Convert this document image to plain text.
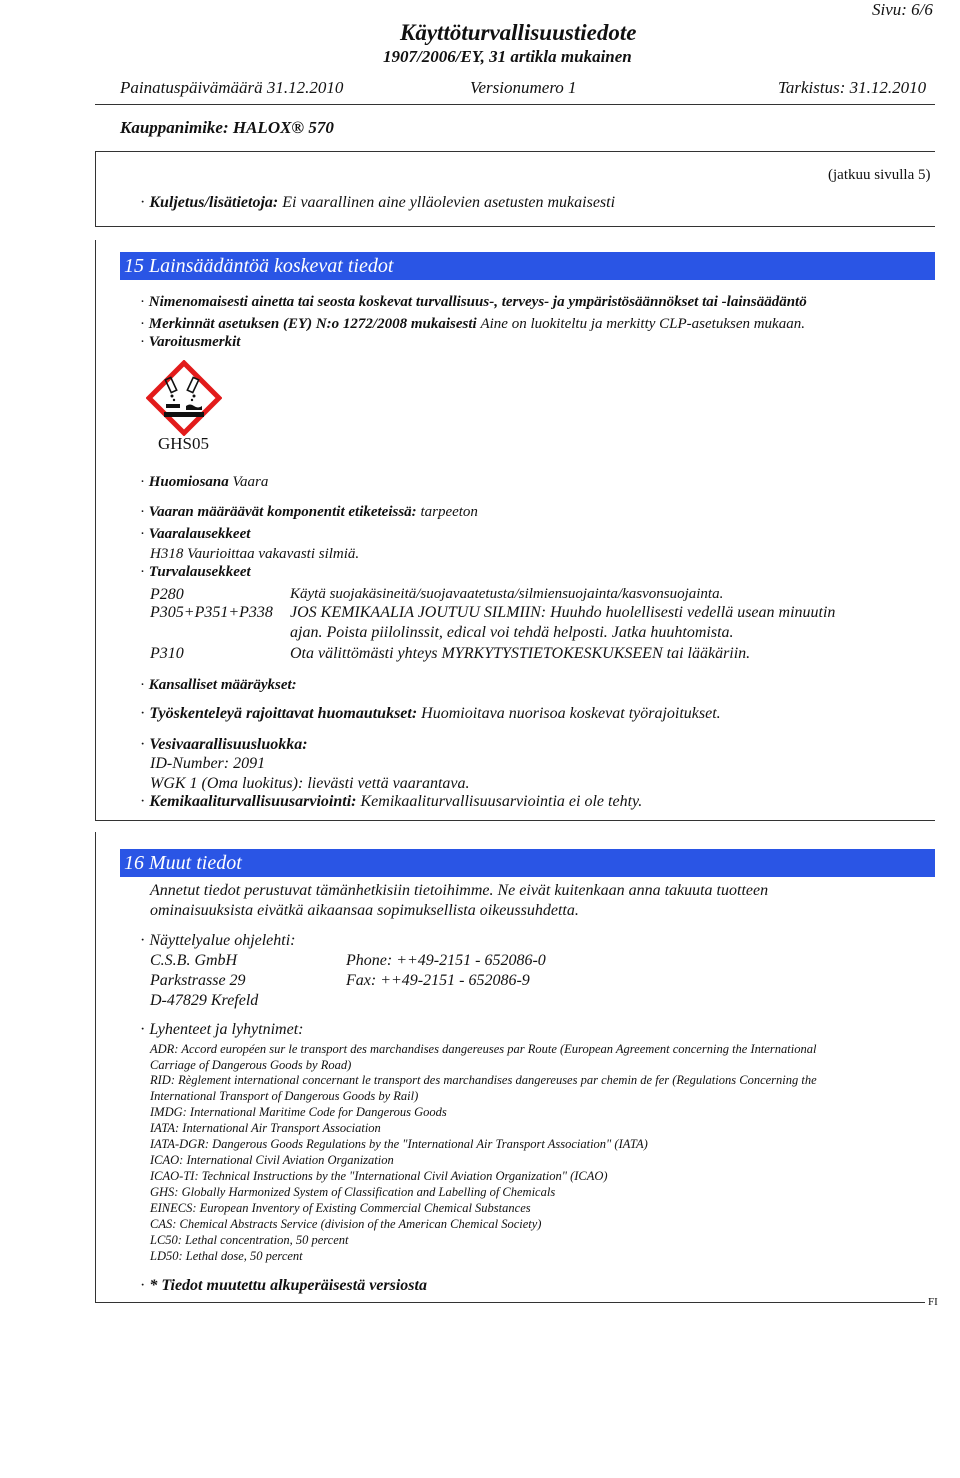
Käyttöturvallisuustiedote
Sivu: 6/6
1907/2006/EY, 31 artikla mukainen
Painatuspäivämäärä 31.12.2010	Versionumero 1	Tarkistus: 31.12.2010
Kauppanimike: HALOX® 570
(jatkuu sivulla 5)
· Kuljetus/lisätietoja: Ei vaarallinen aine ylläolevien asetusten mukaisesti
15 Lainsäädäntöä koskevat tiedot
· Nimenomaisesti ainetta tai seosta koskevat turvallisuus-, terveys- ja ympäristösäännökset tai -lainsäädäntö
· Merkinnät asetuksen (EY) N:o 1272/2008 mukaisesti Aine on luokiteltu ja merkitty CLP-asetuksen mukaan.
· Varoitusmerkit
GHS05
· Huomiosana Vaara
· Vaaran määräävät komponentit etiketeissä: tarpeeton
· Vaaralausekkeet
H318 Vaurioittaa vakavasti silmiä.
· Turvalausekkeet
P280	Käytä suojakäsineitä/suojavaatetusta/silmiensuojainta/kasvonsuojainta.
P305+P351+P338 JOS KEMIKAALIA JOUTUU SILMIIN: Huuhdo huolellisesti vedellä usean minuutin
ajan. Poista piilolinssit, edical voi tehdä helposti. Jatka huuhtomista.
P310	Ota välittömästi yhteys MYRKYTYSTIETOKESKUKSEEN tai lääkäriin.
· Kansalliset määräykset:
· Työskenteleyä rajoittavat huomautukset: Huomioitava nuorisoa koskevat työrajoitukset.
· Vesivaarallisuusluokka:
ID-Number: 2091
WGK 1 (Oma luokitus): lievästi vettä vaarantava.
· Kemikaaliturvallisuusarviointi: Kemikaaliturvallisuusarviointia ei ole tehty.
16 Muut tiedot
Annetut tiedot perustuvat tämänhetkisiin tietoihimme. Ne eivät kuitenkaan anna takuuta tuotteen
ominaisuuksista eivätkä aikaansaa sopimuksellista oikeussuhdetta.
· Näyttelyalue ohjelehti:
C.S.B. GmbH	Phone: ++49-2151 - 652086-0
Parkstrasse 29	Fax: ++49-2151 - 652086-9
D-47829 Krefeld
· Lyhenteet ja lyhytnimet:
ADR: Accord européen sur le transport des marchandises dangereuses par Route (European Agreement concerning the International
Carriage of Dangerous Goods by Road)
RID: Règlement international concernant le transport des marchandises dangereuses par chemin de fer (Regulations Concerning the
International Transport of Dangerous Goods by Rail)
IMDG: International Maritime Code for Dangerous Goods
IATA: International Air Transport Association
IATA-DGR: Dangerous Goods Regulations by the "International Air Transport Association" (IATA)
ICAO: International Civil Aviation Organization
ICAO-TI: Technical Instructions by the "International Civil Aviation Organization" (ICAO)
GHS: Globally Harmonized System of Classification and Labelling of Chemicals
EINECS: European Inventory of Existing Commercial Chemical Substances
CAS: Chemical Abstracts Service (division of the American Chemical Society)
LC50: Lethal concentration, 50 percent
LD50: Lethal dose, 50 percent
· * Tiedot muutettu alkuperäisestä versiosta
FI
